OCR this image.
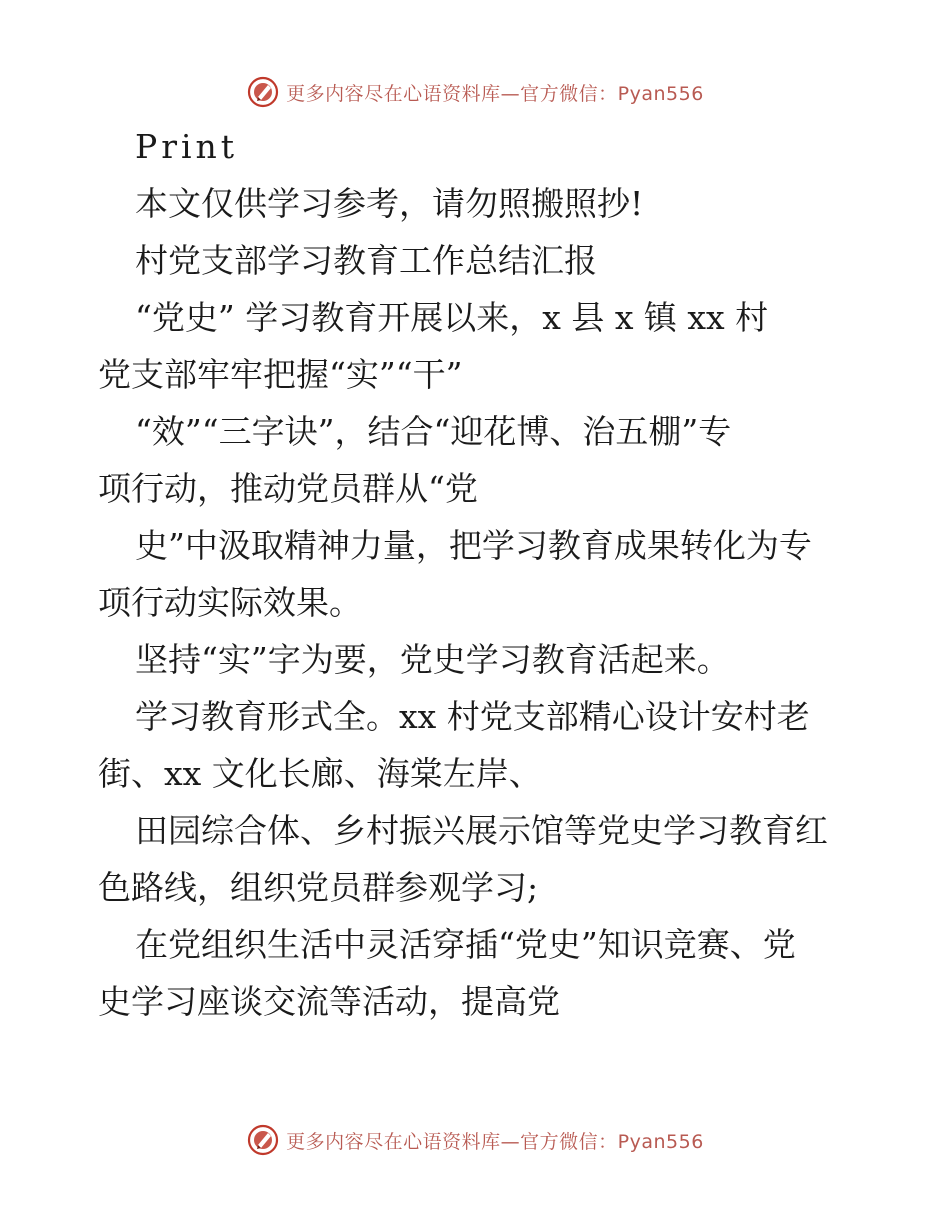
更多内容尽在心语资料库—官方微信：Pyan556
Print
本文仅供学习参考，请勿照搬照抄!
村党支部学习教育工作总结汇报
“党史” 学习教育开展以来，x 县 x 镇 xx 村
党支部牢牢把握“实”“干”
“效”“三字诀”，结合“迎花博、治五棚”专
项行动，推动党员群从“党
史”中汲取精神力量，把学习教育成果转化为专
项行动实际效果。
坚持“实”字为要，党史学习教育活起来。
学习教育形式全。xx 村党支部精心设计安村老
街、xx 文化长廊、海棠左岸、
田园综合体、乡村振兴展示馆等党史学习教育红
色路线，组织党员群参观学习;
在党组织生活中灵活穿插“党史”知识竞赛、党
史学习座谈交流等活动，提高党
更多内容尽在心语资料库—官方微信：Pyan556
